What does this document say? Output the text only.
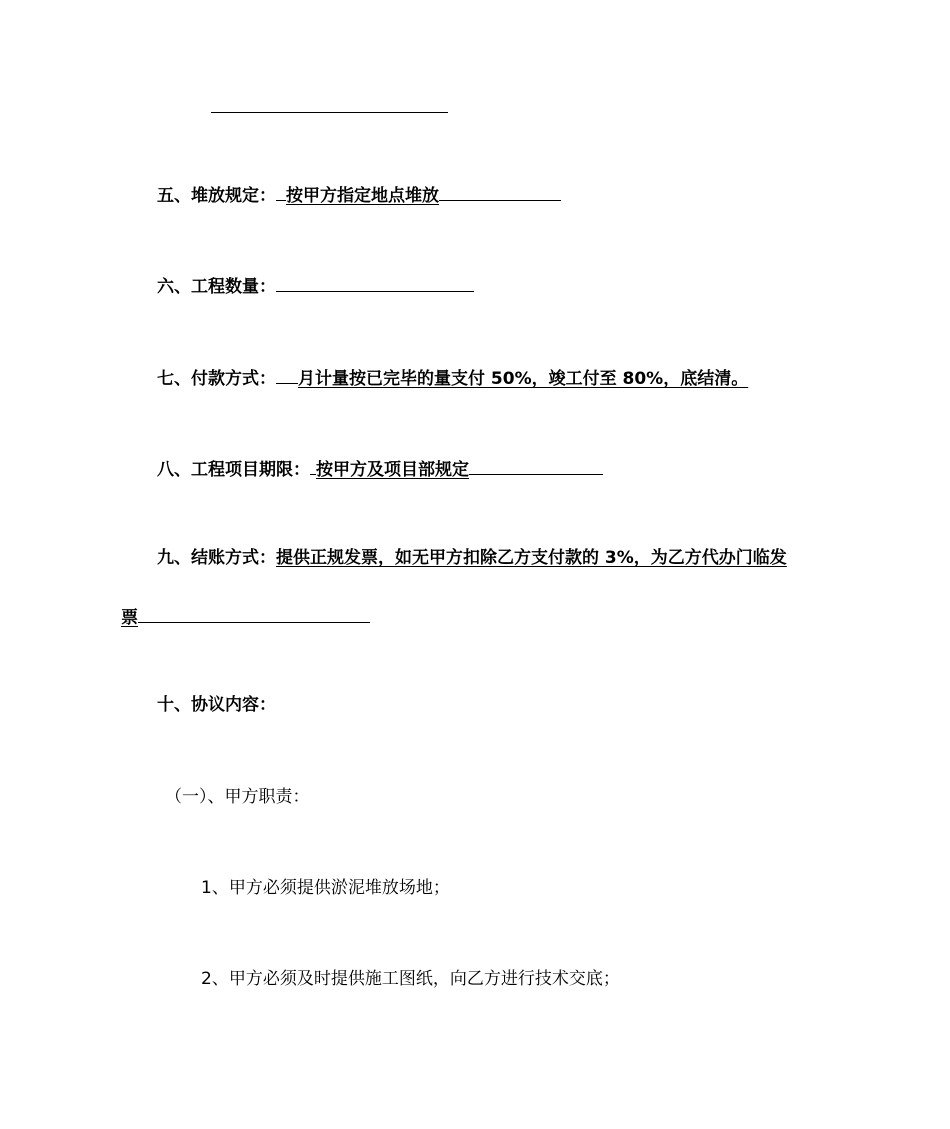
五、堆放规定： 按甲方指定地点堆放
六、工程数量：
七、付款方式： 月计量按已完毕的量支付 50%，竣工付至 80%，底结清。
八、工程项目期限： 按甲方及项目部规定
九、结账方式：提供正规发票，如无甲方扣除乙方支付款的 3%，为乙方代办门临发
票
十、协议内容：
（一）、甲方职责：
1、甲方必须提供淤泥堆放场地；
2、甲方必须及时提供施工图纸，向乙方进行技术交底；
